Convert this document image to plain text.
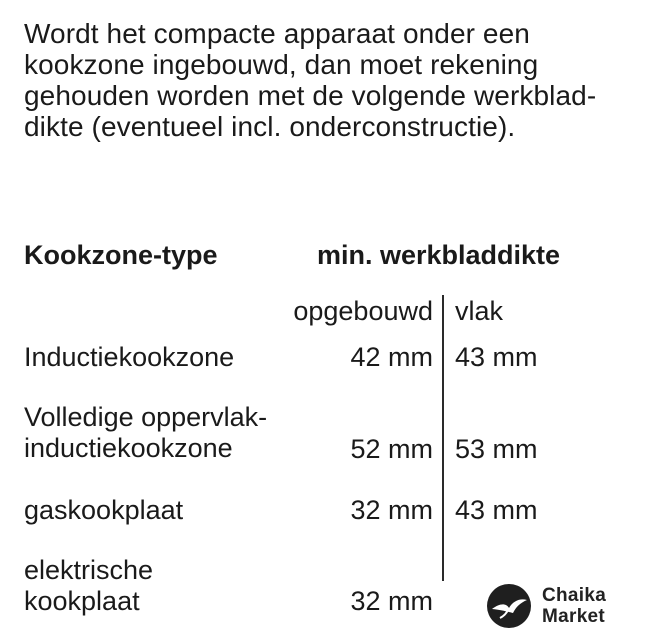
Wordt het compacte apparaat onder een
kookzone ingebouwd, dan moet rekening
gehouden worden met de volgende werkblad-
dikte (eventueel incl. onderconstructie).
Kookzone-type	min. werkbladdikte
opgebouwd vlak
Inductiekookzone	42 mm 43 mm
Volledige oppervlak-
inductiekookzone	52 mm 53 mm
gaskookplaat	32 mm 43 mm
elektrische
kookplaat	32 mm	Chaika
Market
